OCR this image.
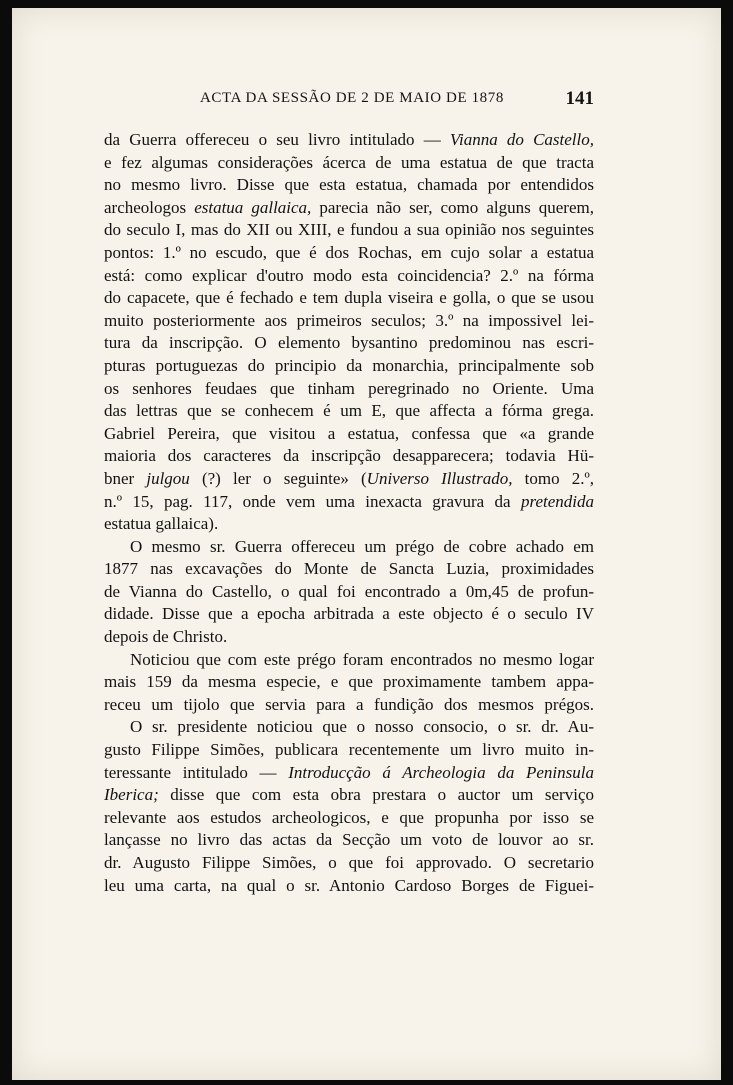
ACTA DA SESSÃO DE 2 DE MAIO DE 1878	141
da Guerra offereceu o seu livro intitulado — Vianna do Castello,
e fez algumas considerações ácerca de uma estatua de que tracta
no mesmo livro. Disse que esta estatua, chamada por entendidos
archeologos estatua gallaica, parecia não ser, como alguns querem,
do seculo I, mas do XII ou XIII, e fundou a sua opinião nos seguintes
pontos: 1.º no escudo, que é dos Rochas, em cujo solar a estatua
está: como explicar d'outro modo esta coincidencia? 2.º na fórma
do capacete, que é fechado e tem dupla viseira e golla, o que se usou
muito posteriormente aos primeiros seculos; 3.º na impossivel lei-
tura da inscripção. O elemento bysantino predominou nas escri-
pturas portuguezas do principio da monarchia, principalmente sob
os senhores feudaes que tinham peregrinado no Oriente. Uma
das lettras que se conhecem é um E, que affecta a fórma grega.
Gabriel Pereira, que visitou a estatua, confessa que «a grande
maioria dos caracteres da inscripção desapparecera; todavia Hü-
bner julgou (?) ler o seguinte» (Universo Illustrado, tomo 2.º,
n.º 15, pag. 117, onde vem uma inexacta gravura da pretendida
estatua gallaica).
O mesmo sr. Guerra offereceu um prégo de cobre achado em
1877 nas excavações do Monte de Sancta Luzia, proximidades
de Vianna do Castello, o qual foi encontrado a 0m,45 de profun-
didade. Disse que a epocha arbitrada a este objecto é o seculo IV
depois de Christo.
Noticiou que com este prégo foram encontrados no mesmo logar
mais 159 da mesma especie, e que proximamente tambem appa-
receu um tijolo que servia para a fundição dos mesmos prégos.
O sr. presidente noticiou que o nosso consocio, o sr. dr. Au-
gusto Filippe Simões, publicara recentemente um livro muito in-
teressante intitulado — Introducção á Archeologia da Peninsula
Iberica; disse que com esta obra prestara o auctor um serviço
relevante aos estudos archeologicos, e que propunha por isso se
lançasse no livro das actas da Secção um voto de louvor ao sr.
dr. Augusto Filippe Simões, o que foi approvado. O secretario
leu uma carta, na qual o sr. Antonio Cardoso Borges de Figuei-
